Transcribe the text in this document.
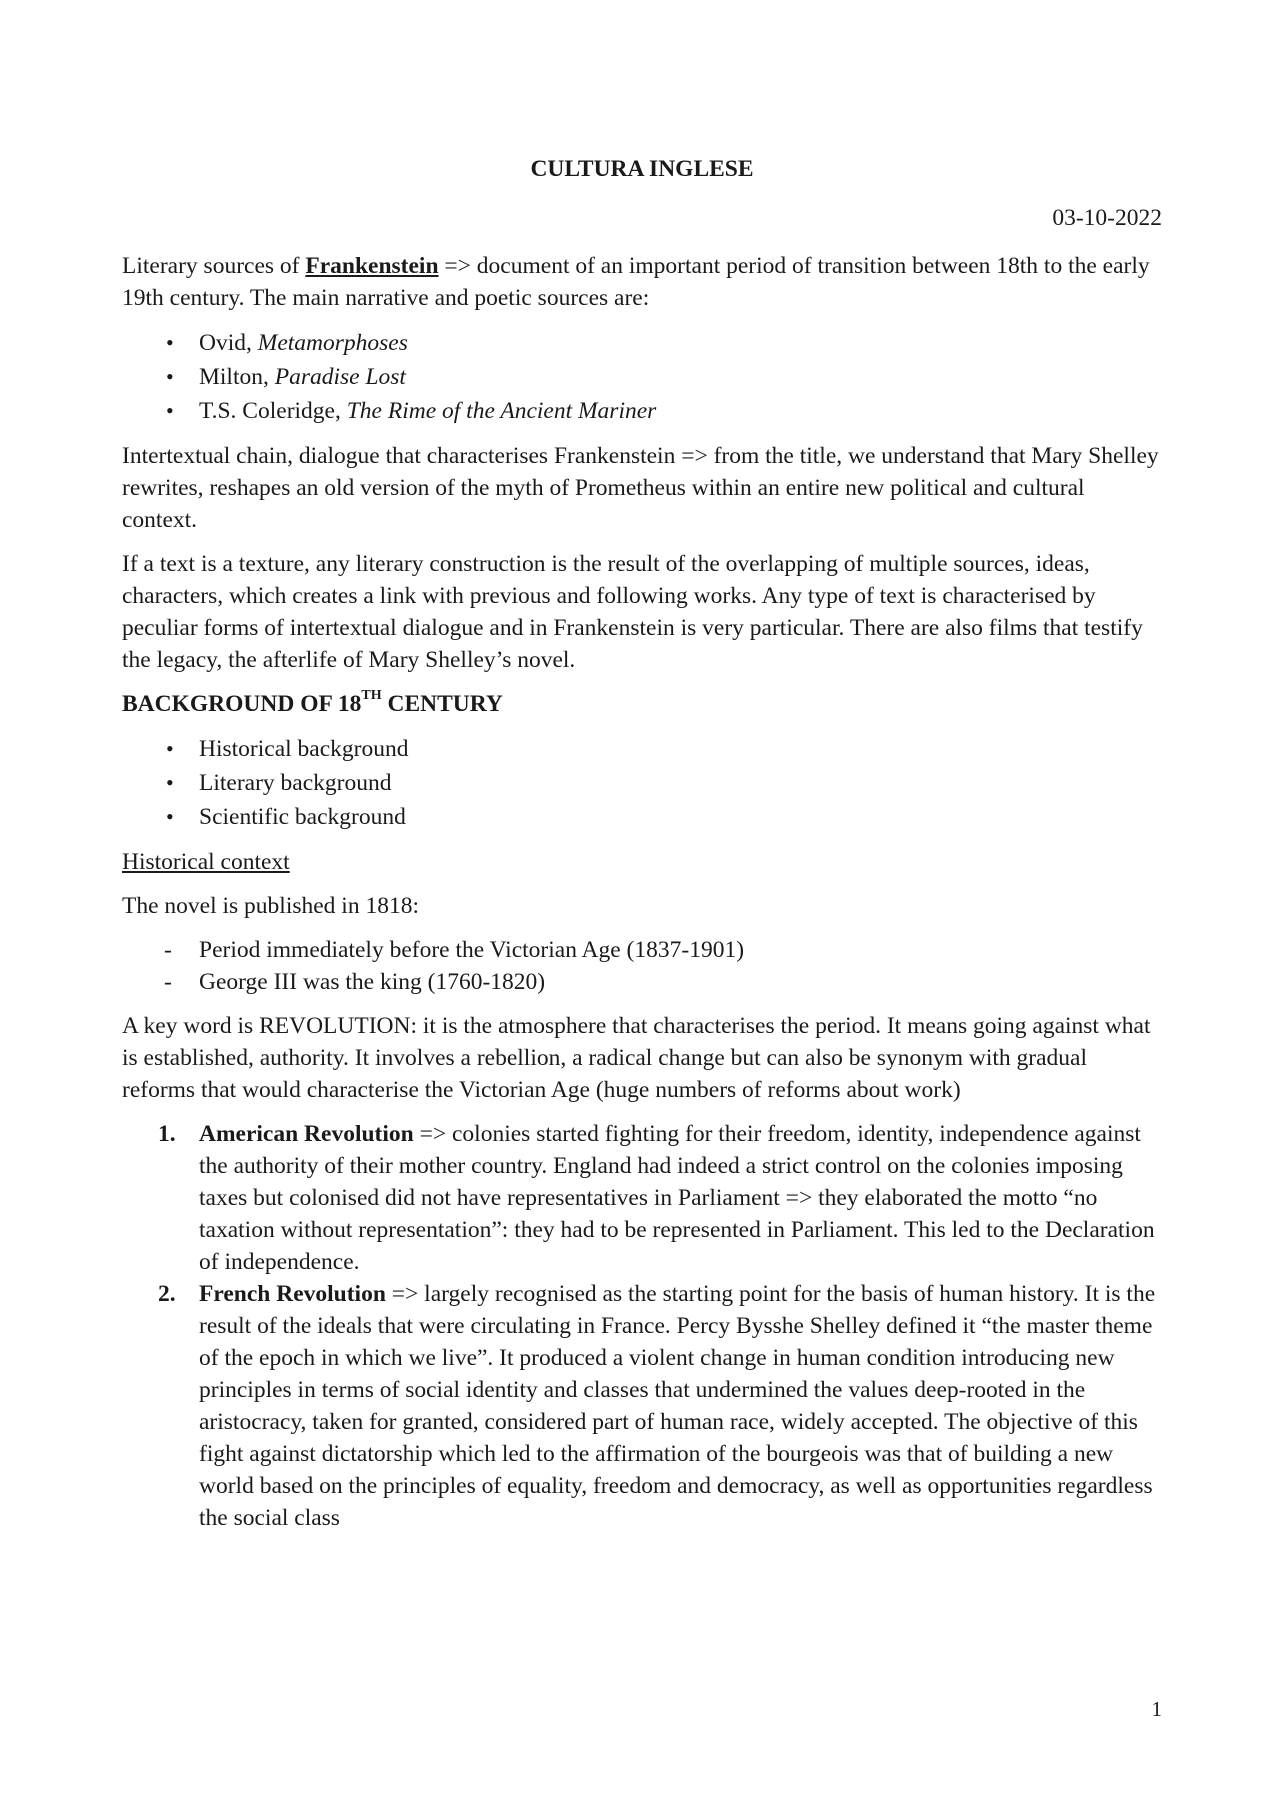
CULTURA INGLESE
03-10-2022

Literary sources of Frankenstein => document of an important period of transition between 18th to the early 19th century. The main narrative and poetic sources are:

• Ovid, Metamorphoses
• Milton, Paradise Lost
• T.S. Coleridge, The Rime of the Ancient Mariner

Intertextual chain, dialogue that characterises Frankenstein => from the title, we understand that Mary Shelley rewrites, reshapes an old version of the myth of Prometheus within an entire new political and cultural context.

If a text is a texture, any literary construction is the result of the overlapping of multiple sources, ideas, characters, which creates a link with previous and following works. Any type of text is characterised by peculiar forms of intertextual dialogue and in Frankenstein is very particular. There are also films that testify the legacy, the afterlife of Mary Shelley’s novel.

BACKGROUND OF 18TH CENTURY
• Historical background
• Literary background
• Scientific background
Historical context

The novel is published in 1818:

- Period immediately before the Victorian Age (1837-1901)
- George III was the king (1760-1820)

A key word is REVOLUTION: it is the atmosphere that characterises the period. It means going against what is established, authority. It involves a rebellion, a radical change but can also be synonym with gradual reforms that would characterise the Victorian Age (huge numbers of reforms about work)

1. American Revolution => colonies started fighting for their freedom, identity, independence against the authority of their mother country. England had indeed a strict control on the colonies imposing taxes but colonised did not have representatives in Parliament => they elaborated the motto “no taxation without representation”: they had to be represented in Parliament. This led to the Declaration of independence.
2. French Revolution => largely recognised as the starting point for the basis of human history. It is the result of the ideals that were circulating in France. Percy Bysshe Shelley defined it “the master theme of the epoch in which we live”. It produced a violent change in human condition introducing new principles in terms of social identity and classes that undermined the values deep-rooted in the aristocracy, taken for granted, considered part of human race, widely accepted. The objective of this fight against dictatorship which led to the affirmation of the bourgeois was that of building a new world based on the principles of equality, freedom and democracy, as well as opportunities regardless the social class
1
